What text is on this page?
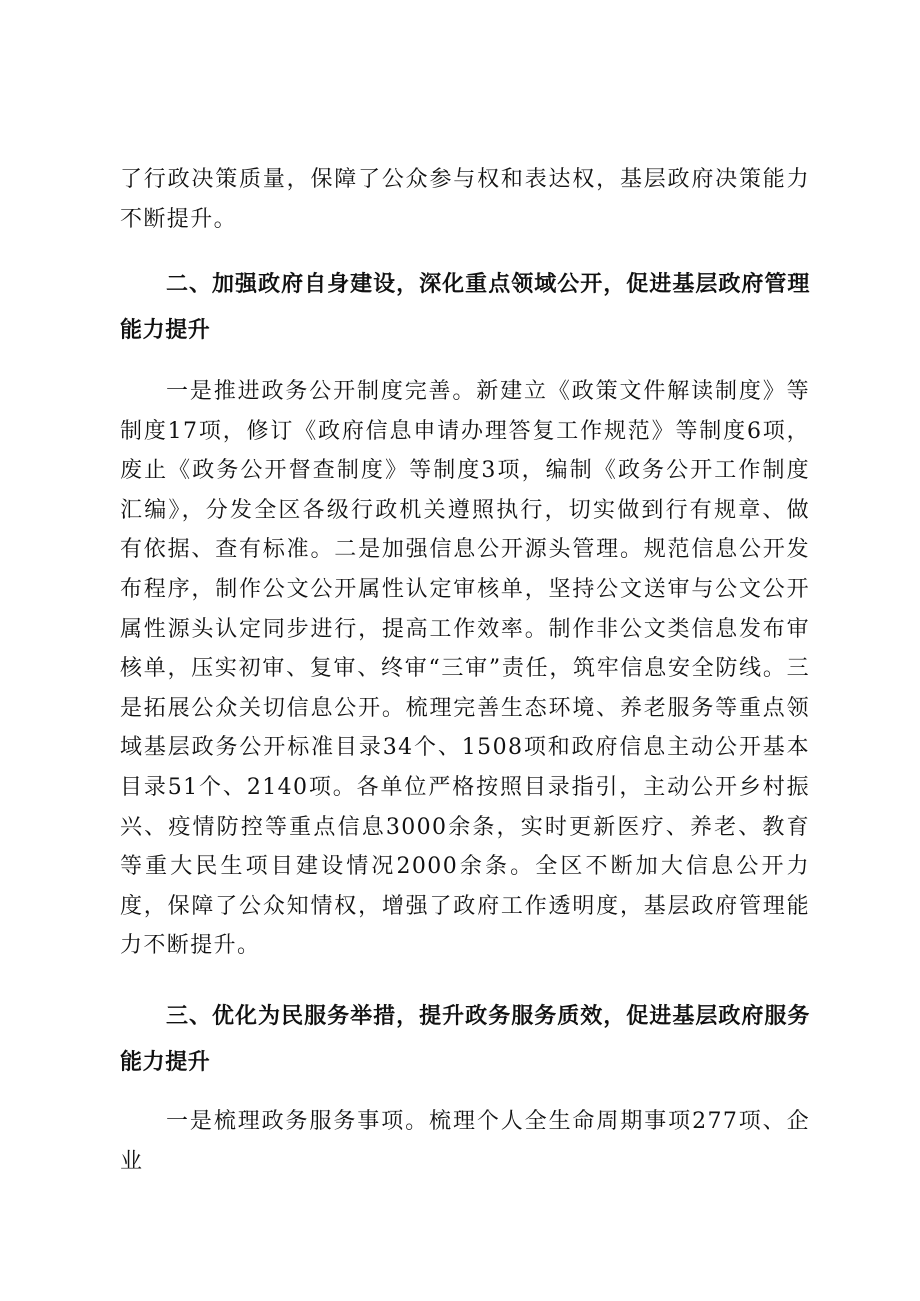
了行政决策质量，保障了公众参与权和表达权，基层政府决策能力不断提升。

二、加强政府自身建设，深化重点领域公开，促进基层政府管理能力提升

一是推进政务公开制度完善。新建立《政策文件解读制度》等制度17项，修订《政府信息申请办理答复工作规范》等制度6项，废止《政务公开督查制度》等制度3项，编制《政务公开工作制度汇编》，分发全区各级行政机关遵照执行，切实做到行有规章、做有依据、查有标准。二是加强信息公开源头管理。规范信息公开发布程序，制作公文公开属性认定审核单，坚持公文送审与公文公开属性源头认定同步进行，提高工作效率。制作非公文类信息发布审核单，压实初审、复审、终审“三审”责任，筑牢信息安全防线。三是拓展公众关切信息公开。梳理完善生态环境、养老服务等重点领域基层政务公开标准目录34个、1508项和政府信息主动公开基本目录51个、2140项。各单位严格按照目录指引，主动公开乡村振兴、疫情防控等重点信息3000余条，实时更新医疗、养老、教育等重大民生项目建设情况2000余条。全区不断加大信息公开力度，保障了公众知情权，增强了政府工作透明度，基层政府管理能力不断提升。

三、优化为民服务举措，提升政务服务质效，促进基层政府服务能力提升

一是梳理政务服务事项。梳理个人全生命周期事项277项、企业
